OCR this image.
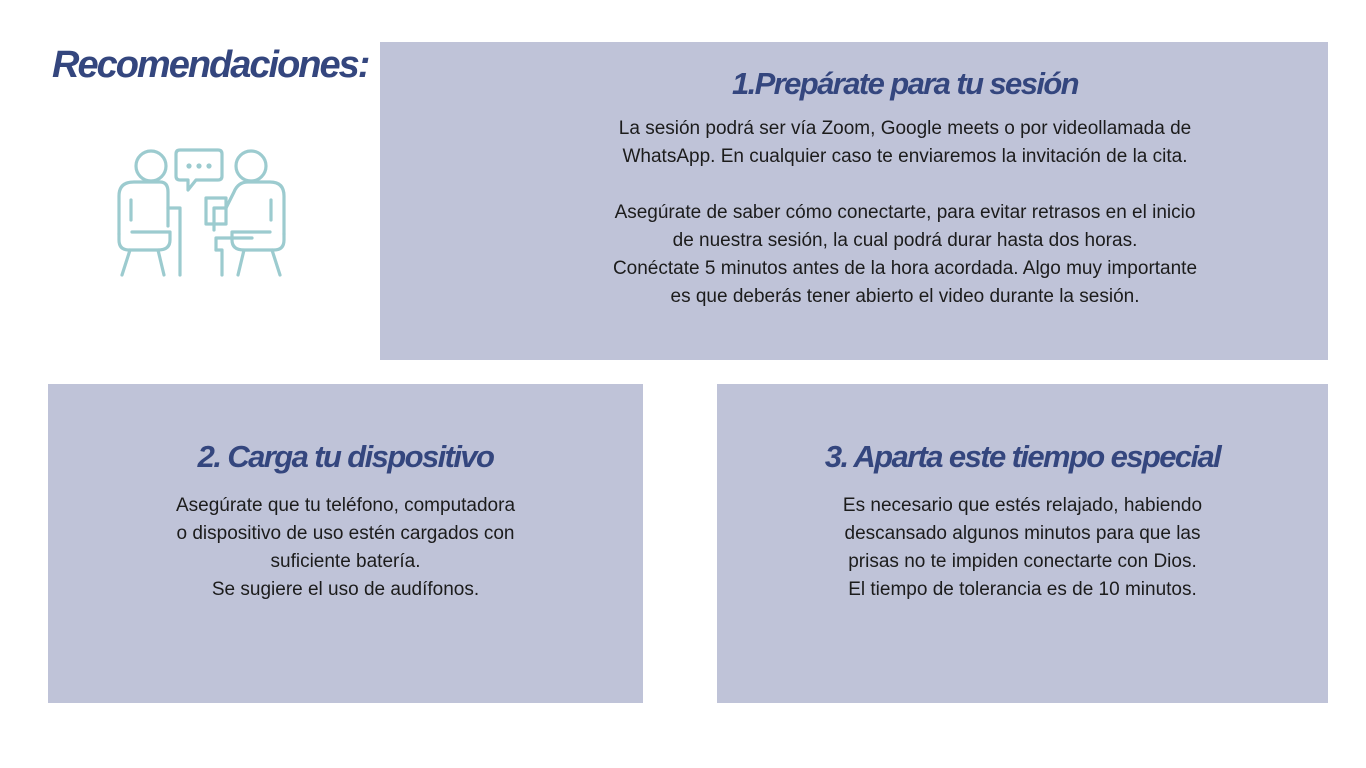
Recomendaciones:	1.Prepárate para tu sesión
La sesión podrá ser vía Zoom, Google meets o por videollamada de
WhatsApp. En cualquier caso te enviaremos la invitación de la cita.
Asegúrate de saber cómo conectarte, para evitar retrasos en el inicio
de nuestra sesión, la cual podrá durar hasta dos horas.
Conéctate 5 minutos antes de la hora acordada. Algo muy importante
es que deberás tener abierto el video durante la sesión.
2. Carga tu dispositivo
Asegúrate que tu teléfono, computadora
o dispositivo de uso estén cargados con
suficiente batería.
Se sugiere el uso de audífonos.
3. Aparta este tiempo especial
Es necesario que estés relajado, habiendo
descansado algunos minutos para que las
prisas no te impiden conectarte con Dios.
El tiempo de tolerancia es de 10 minutos.
